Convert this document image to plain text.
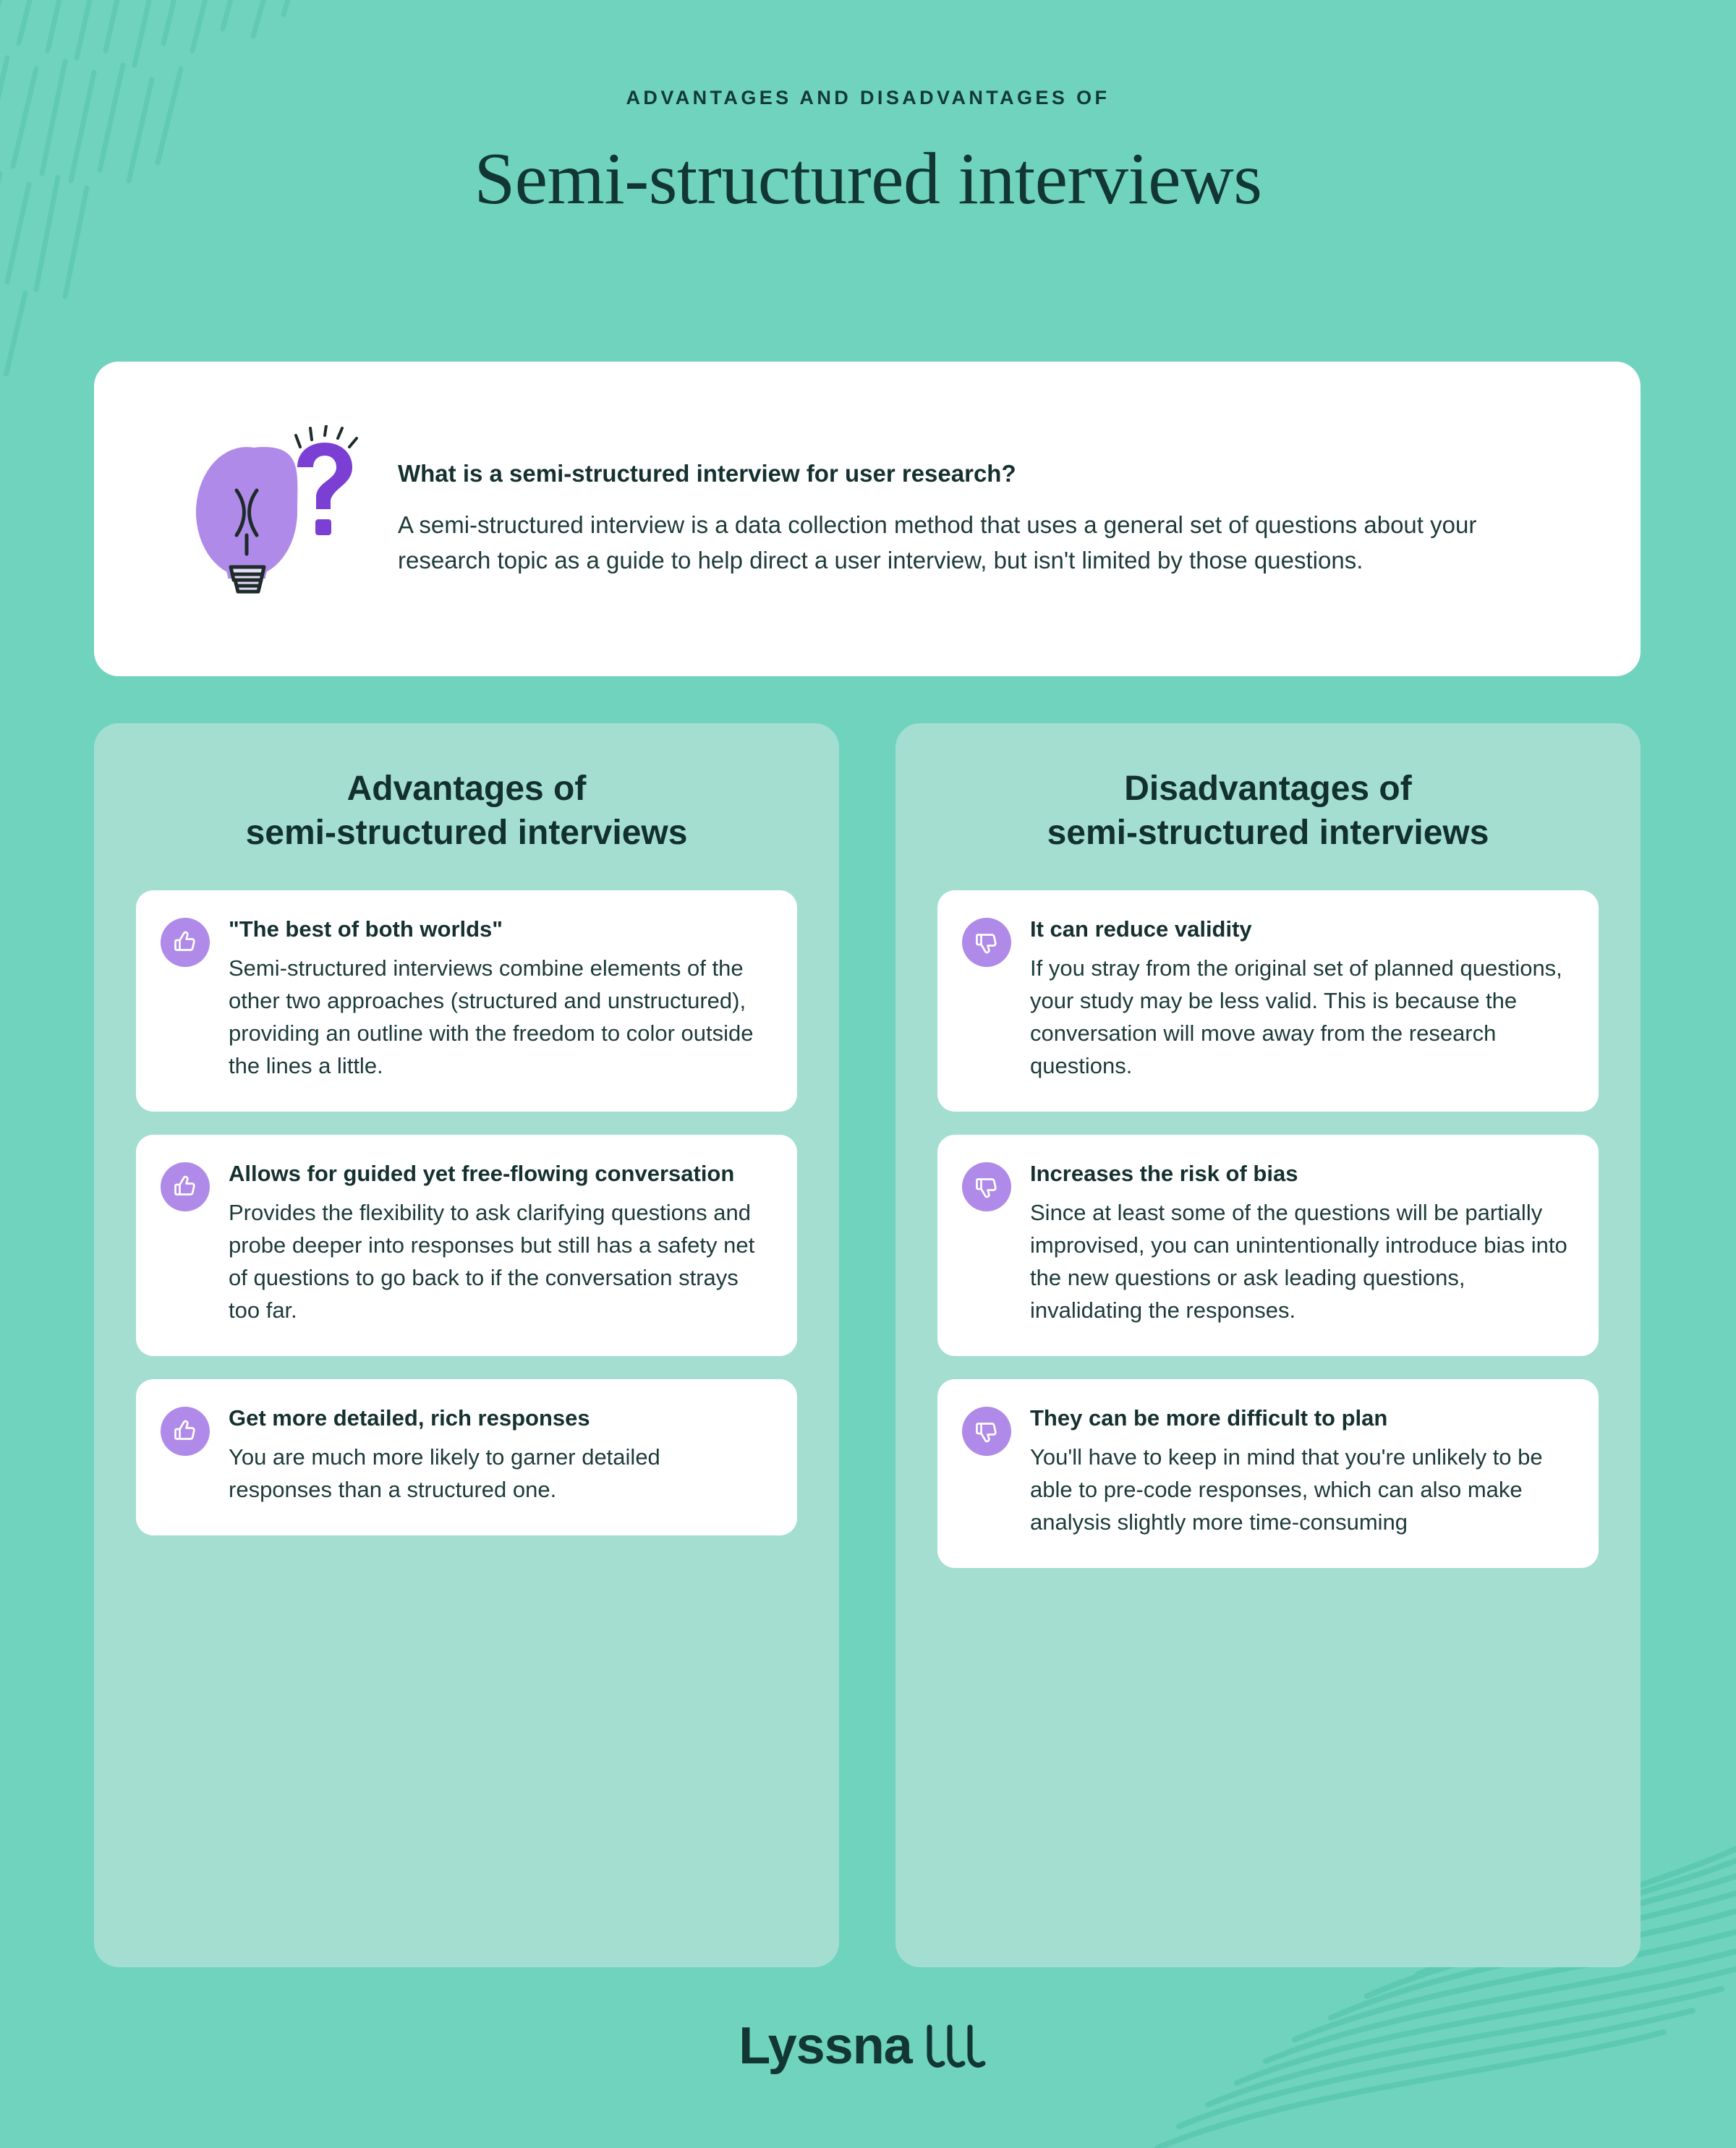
ADVANTAGES AND DISADVANTAGES OF
Semi-structured interviews
What is a semi-structured interview for user research?
A semi-structured interview is a data collection method that uses a general set of questions about your research topic as a guide to help direct a user interview, but isn't limited by those questions.
Advantages of
semi-structured interviews
"The best of both worlds"
Semi-structured interviews combine elements of the other two approaches (structured and unstructured), providing an outline with the freedom to color outside the lines a little.
Allows for guided yet free-flowing conversation
Provides the flexibility to ask clarifying questions and probe deeper into responses but still has a safety net of questions to go back to if the conversation strays too far.
Get more detailed, rich responses
You are much more likely to garner detailed responses than a structured one.
Disadvantages of
semi-structured interviews
It can reduce validity
If you stray from the original set of planned questions, your study may be less valid. This is because the conversation will move away from the research questions.
Increases the risk of bias
Since at least some of the questions will be partially improvised, you can unintentionally introduce bias into the new questions or ask leading questions, invalidating the responses.
They can be more difficult to plan
You'll have to keep in mind that you're unlikely to be able to pre-code responses, which can also make analysis slightly more time-consuming
Lyssna
